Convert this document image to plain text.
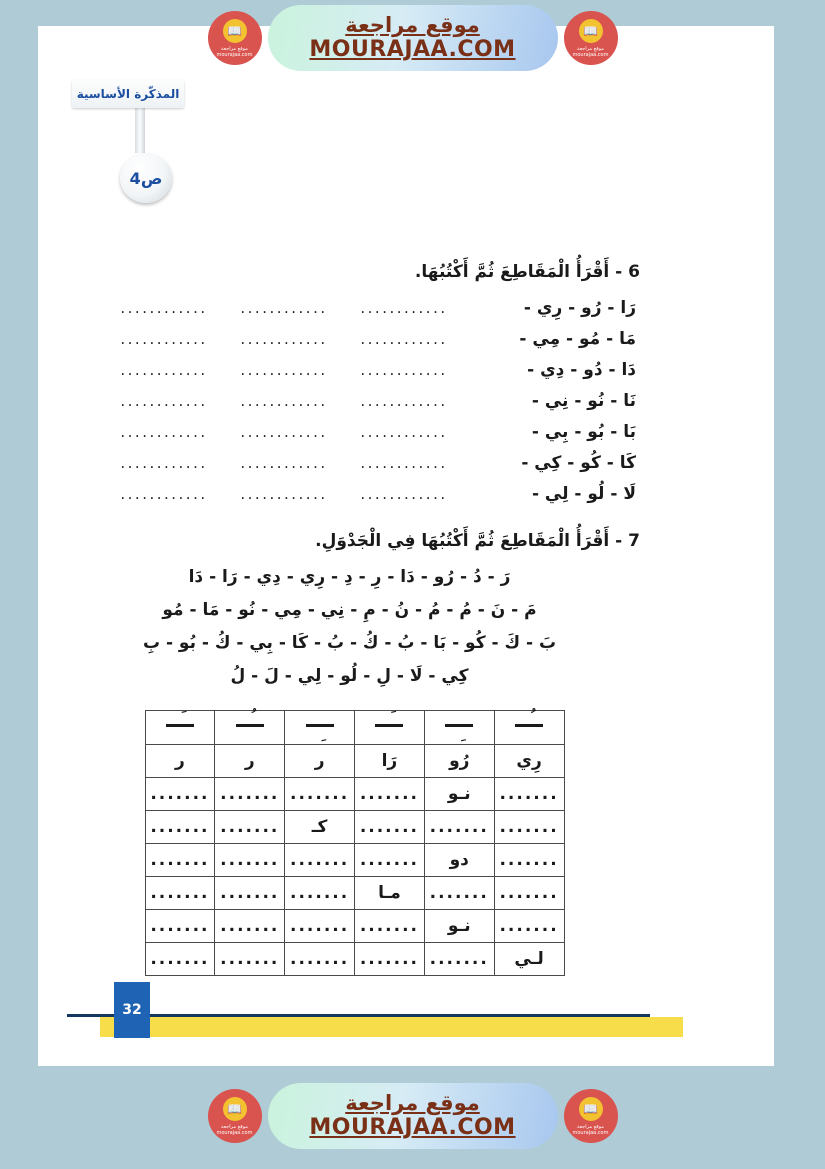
📖
موقع مراجعة mourajaa.com
موقع مراجعة
MOURAJAA.COM
📖
موقع مراجعة mourajaa.com
المذكّرة الأساسية
ص4
6 - أَقْرَأُ الْمَقَاطِعَ ثُمَّ أَكْتُبُهَا.
رَا - رُو - رِي -
............
............
............
مَا - مُو - مِي -
............
............
............
دَا - دُو - دِي -
............
............
............
نَا - نُو - نِي -
............
............
............
بَا - بُو - بِي -
............
............
............
كَا - كُو - كِي -
............
............
............
لَا - لُو - لِي -
............
............
............
7 - أَقْرَأُ الْمَقَاطِعَ ثُمَّ أَكْتُبُهَا فِي الْجَدْوَلِ.
رَ - دُ - رُو - دَا - رِ - دِ - رِي - دِي - رَا - دَا
مَ - نَ - مُ - مُ - نُ - مِ - نِي - مِي - نُو - مَا - مُو
بَ - كَ - كُو - بَا - بُ - كُ - بُ - كَا - بِي - كُ - بُو - بِ
كِي - لَا - لِ - لُو - لِي - لَ - لُ

رِي	رُو	رَا	ر	ر	ر
.......	نـو	.......	.......	.......	.......
.......	.......	.......	كـ	.......	.......
.......	دو	.......	.......	.......	.......
.......	.......	مـا	.......	.......	.......
.......	نـو	.......	.......	.......	.......
لـي	.......	.......	.......	.......	.......
32
📖
موقع مراجعة mourajaa.com
موقع مراجعة
MOURAJAA.COM
📖
موقع مراجعة mourajaa.com
